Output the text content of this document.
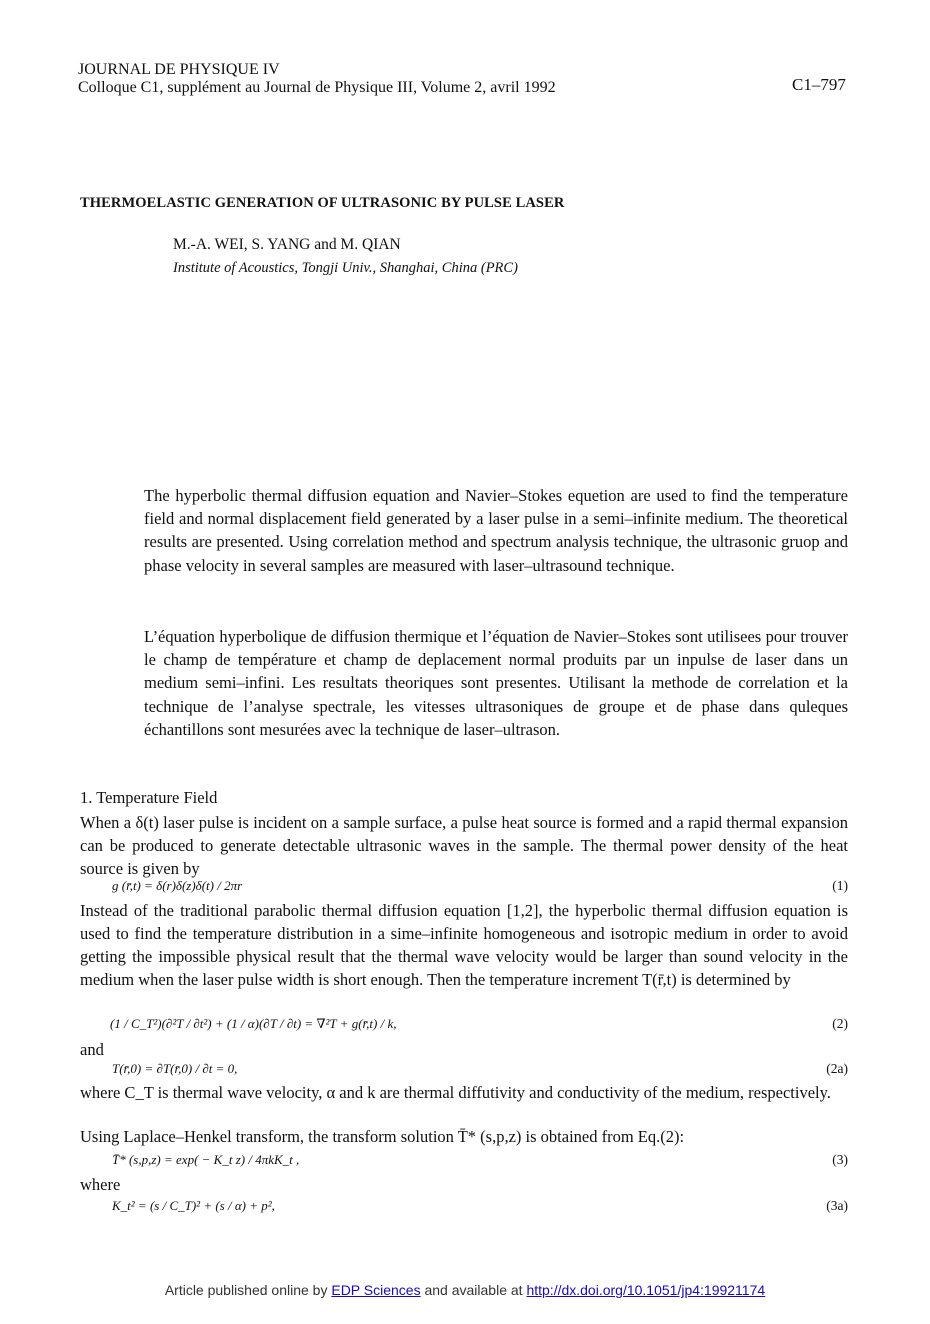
JOURNAL DE PHYSIQUE IV
Colloque C1, supplément au Journal de Physique III, Volume 2, avril 1992	C1–797
THERMOELASTIC GENERATION OF ULTRASONIC BY PULSE LASER
M.-A. WEI, S. YANG and M. QIAN
Institute of Acoustics, Tongji Univ., Shanghai, China (PRC)
The hyperbolic thermal diffusion equation and Navier–Stokes equetion are used to find the temperature field and normal displacement field generated by a laser pulse in a semi–infinite medium. The theoretical results are presented. Using correlation method and spectrum analysis technique, the ultrasonic gruop and phase velocity in several samples are measured with laser–ultrasound technique.
L’équation hyperbolique de diffusion thermique et l’équation de Navier–Stokes sont utilisees pour trouver le champ de température et champ de deplacement normal produits par un inpulse de laser dans un medium semi–infini. Les resultats theoriques sont presentes. Utilisant la methode de correlation et la technique de l’analyse spectrale, les vitesses ultrasoniques de groupe et de phase dans quleques échantillons sont mesurées avec la technique de laser–ultrason.
1. Temperature Field
When a δ(t) laser pulse is incident on a sample surface, a pulse heat source is formed and a rapid thermal expansion can be produced to generate detectable ultrasonic waves in the sample. The thermal power density of the heat source is given by
g (r̄,t) = δ(r)δ(z)δ(t) / 2πr	(1)
Instead of the traditional parabolic thermal diffusion equation [1,2], the hyperbolic thermal diffusion equation is used to find the temperature distribution in a sime–infinite homogeneous and isotropic medium in order to avoid getting the impossible physical result that the thermal wave velocity would be larger than sound velocity in the medium when the laser pulse width is short enough. Then the temperature increment T(r̄,t) is determined by
(1 / C_T²)(∂²T / ∂t²) + (1 / α)(∂T / ∂t) = ∇²T + g(r̄,t) / k,	(2)
and
T(r̄,0) = ∂T(r̄,0) / ∂t = 0,	(2a)
where C_T is thermal wave velocity, α and k are thermal diffutivity and conductivity of the medium, respectively.
Using Laplace–Henkel transform, the transform solution T̄* (s,p,z) is obtained from Eq.(2):
T̄* (s,p,z) = exp( − K_t z) / 4πkK_t ,	(3)
where
K_t² = (s / C_T)² + (s / α) + p²,	(3a)
Article published online by EDP Sciences and available at http://dx.doi.org/10.1051/jp4:19921174
